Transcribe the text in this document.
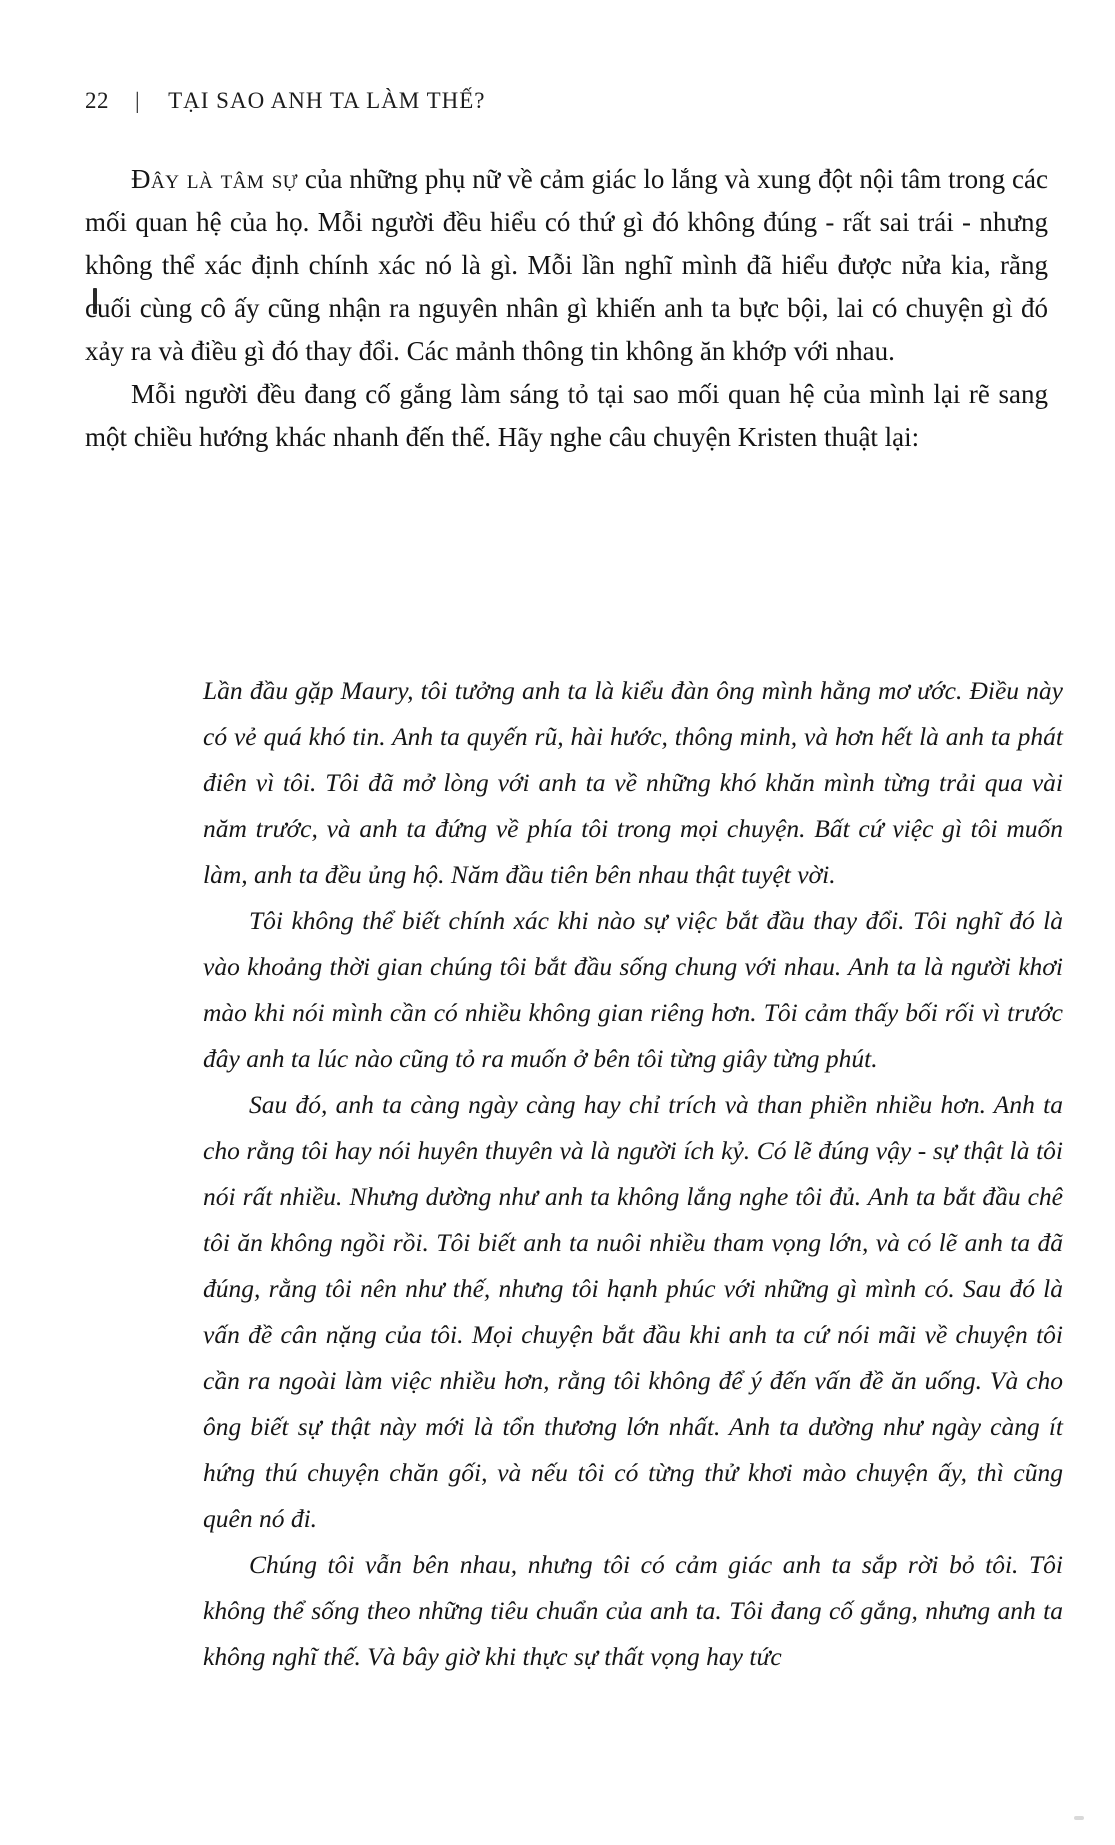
22	| TẠI SAO ANH TA LÀM THẾ?

Đây là tâm sự của những phụ nữ về cảm giác lo lắng và xung đột nội tâm trong các mối quan hệ của họ. Mỗi người đều hiểu có thứ gì đó không đúng - rất sai trái - nhưng không thể xác định chính xác nó là gì. Mỗi lần nghĩ mình đã hiểu được nửa kia, rằng cuối cùng cô ấy cũng nhận ra nguyên nhân gì khiến anh ta bực bội, lai có chuyện gì đó xảy ra và điều gì đó thay đổi. Các mảnh thông tin không ăn khớp với nhau.

Mỗi người đều đang cố gắng làm sáng tỏ tại sao mối quan hệ của mình lại rẽ sang một chiều hướng khác nhanh đến thế. Hãy nghe câu chuyện Kristen thuật lại:

Lần đầu gặp Maury, tôi tưởng anh ta là kiểu đàn ông mình hằng mơ ước. Điều này có vẻ quá khó tin. Anh ta quyến rũ, hài hước, thông minh, và hơn hết là anh ta phát điên vì tôi. Tôi đã mở lòng với anh ta về những khó khăn mình từng trải qua vài năm trước, và anh ta đứng về phía tôi trong mọi chuyện. Bất cứ việc gì tôi muốn làm, anh ta đều ủng hộ. Năm đầu tiên bên nhau thật tuyệt vời.

Tôi không thể biết chính xác khi nào sự việc bắt đầu thay đổi. Tôi nghĩ đó là vào khoảng thời gian chúng tôi bắt đầu sống chung với nhau. Anh ta là người khơi mào khi nói mình cần có nhiều không gian riêng hơn. Tôi cảm thấy bối rối vì trước đây anh ta lúc nào cũng tỏ ra muốn ở bên tôi từng giây từng phút.

Sau đó, anh ta càng ngày càng hay chỉ trích và than phiền nhiều hơn. Anh ta cho rằng tôi hay nói huyên thuyên và là người ích kỷ. Có lẽ đúng vậy - sự thật là tôi nói rất nhiều. Nhưng dường như anh ta không lắng nghe tôi đủ. Anh ta bắt đầu chê tôi ăn không ngồi rồi. Tôi biết anh ta nuôi nhiều tham vọng lớn, và có lẽ anh ta đã đúng, rằng tôi nên như thế, nhưng tôi hạnh phúc với những gì mình có. Sau đó là vấn đề cân nặng của tôi. Mọi chuyện bắt đầu khi anh ta cứ nói mãi về chuyện tôi cần ra ngoài làm việc nhiều hơn, rằng tôi không để ý đến vấn đề ăn uống. Và cho ông biết sự thật này mới là tổn thương lớn nhất. Anh ta dường như ngày càng ít hứng thú chuyện chăn gối, và nếu tôi có từng thử khơi mào chuyện ấy, thì cũng quên nó đi.

Chúng tôi vẫn bên nhau, nhưng tôi có cảm giác anh ta sắp rời bỏ tôi. Tôi không thể sống theo những tiêu chuẩn của anh ta. Tôi đang cố gắng, nhưng anh ta không nghĩ thế. Và bây giờ khi thực sự thất vọng hay tức
